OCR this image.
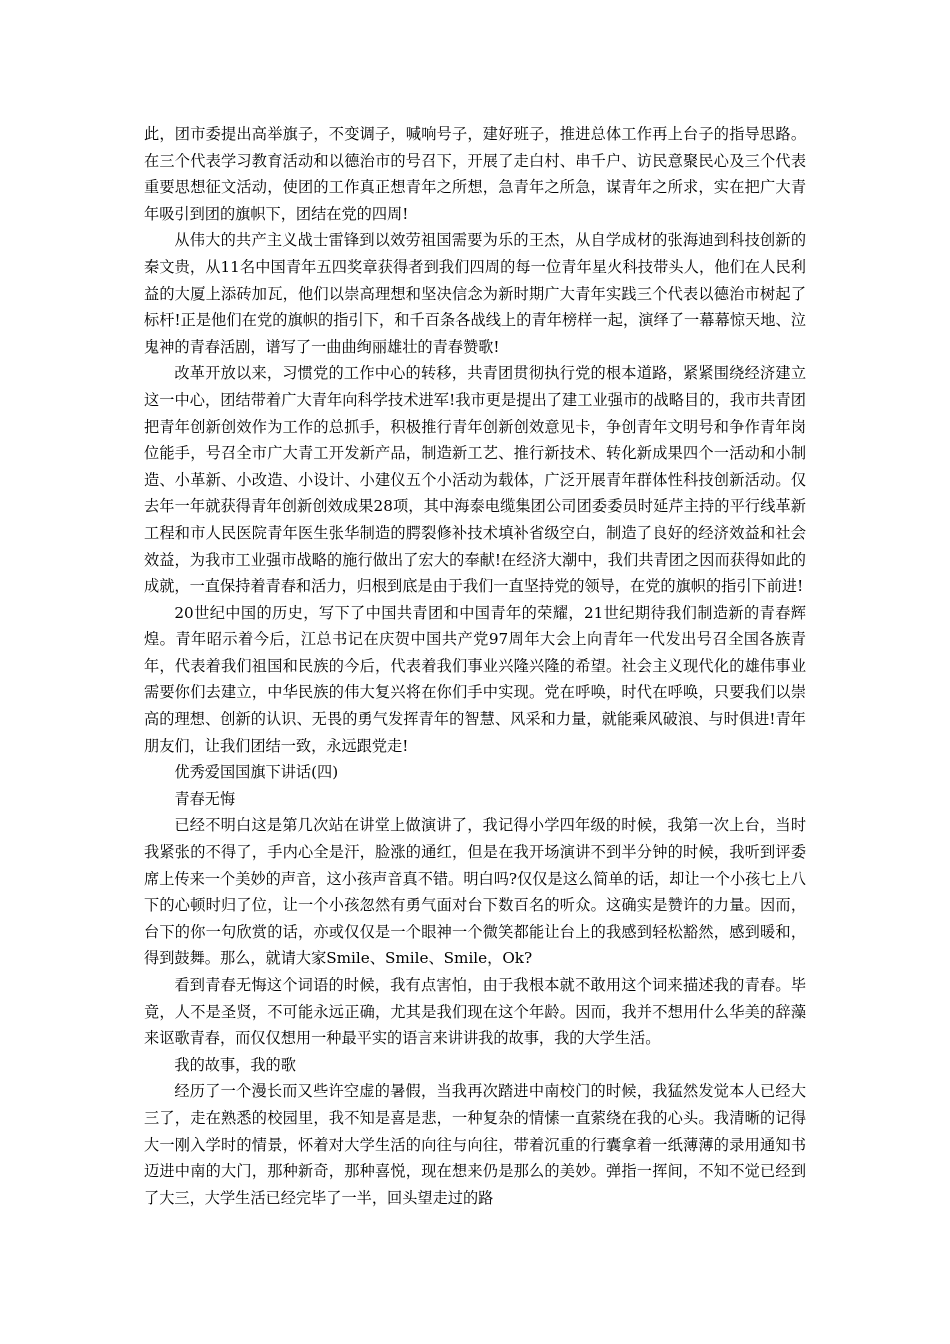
此，团市委提出高举旗子，不变调子，喊响号子，建好班子，推进总体工作再上台子的指导思路。在三个代表学习教育活动和以德治市的号召下，开展了走白村、串千户、访民意聚民心及三个代表重要思想征文活动，使团的工作真正想青年之所想，急青年之所急，谋青年之所求，实在把广大青年吸引到团的旗帜下，团结在党的四周!

从伟大的共产主义战士雷锋到以效劳祖国需要为乐的王杰，从自学成材的张海迪到科技创新的秦文贵，从11名中国青年五四奖章获得者到我们四周的每一位青年星火科技带头人，他们在人民利益的大厦上添砖加瓦，他们以崇高理想和坚决信念为新时期广大青年实践三个代表以德治市树起了标杆!正是他们在党的旗帜的指引下，和千百条各战线上的青年榜样一起，演绎了一幕幕惊天地、泣鬼神的青春活剧，谱写了一曲曲绚丽雄壮的青春赞歌!

改革开放以来，习惯党的工作中心的转移，共青团贯彻执行党的根本道路，紧紧围绕经济建立这一中心，团结带着广大青年向科学技术进军!我市更是提出了建工业强市的战略目的，我市共青团把青年创新创效作为工作的总抓手，积极推行青年创新创效意见卡，争创青年文明号和争作青年岗位能手，号召全市广大青工开发新产品，制造新工艺、推行新技术、转化新成果四个一活动和小制造、小革新、小改造、小设计、小建仪五个小活动为载体，广泛开展青年群体性科技创新活动。仅去年一年就获得青年创新创效成果28项，其中海泰电缆集团公司团委委员时延芹主持的平行线革新工程和市人民医院青年医生张华制造的腭裂修补技术填补省级空白，制造了良好的经济效益和社会效益，为我市工业强市战略的施行做出了宏大的奉献!在经济大潮中，我们共青团之因而获得如此的成就，一直保持着青春和活力，归根到底是由于我们一直坚持党的领导，在党的旗帜的指引下前进!

20世纪中国的历史，写下了中国共青团和中国青年的荣耀，21世纪期待我们制造新的青春辉煌。青年昭示着今后，江总书记在庆贺中国共产党97周年大会上向青年一代发出号召全国各族青年，代表着我们祖国和民族的今后，代表着我们事业兴隆兴隆的希望。社会主义现代化的雄伟事业需要你们去建立，中华民族的伟大复兴将在你们手中实现。党在呼唤，时代在呼唤，只要我们以崇高的理想、创新的认识、无畏的勇气发挥青年的智慧、风采和力量，就能乘风破浪、与时俱进!青年朋友们，让我们团结一致，永远跟党走!

优秀爱国国旗下讲话(四)

青春无悔

已经不明白这是第几次站在讲堂上做演讲了，我记得小学四年级的时候，我第一次上台，当时我紧张的不得了，手内心全是汗，脸涨的通红，但是在我开场演讲不到半分钟的时候，我听到评委席上传来一个美妙的声音，这小孩声音真不错。明白吗?仅仅是这么简单的话，却让一个小孩七上八下的心顿时归了位，让一个小孩忽然有勇气面对台下数百名的听众。这确实是赞许的力量。因而，台下的你一句欣赏的话，亦或仅仅是一个眼神一个微笑都能让台上的我感到轻松豁然，感到暖和，得到鼓舞。那么，就请大家Smile、Smile、Smile，Ok?

看到青春无悔这个词语的时候，我有点害怕，由于我根本就不敢用这个词来描述我的青春。毕竟，人不是圣贤，不可能永远正确，尤其是我们现在这个年龄。因而，我并不想用什么华美的辞藻来讴歌青春，而仅仅想用一种最平实的语言来讲讲我的故事，我的大学生活。

我的故事，我的歌

经历了一个漫长而又些许空虚的暑假，当我再次踏进中南校门的时候，我猛然发觉本人已经大三了，走在熟悉的校园里，我不知是喜是悲，一种复杂的情愫一直萦绕在我的心头。我清晰的记得大一刚入学时的情景，怀着对大学生活的向往与向往，带着沉重的行囊拿着一纸薄薄的录用通知书迈进中南的大门，那种新奇，那种喜悦，现在想来仍是那么的美妙。弹指一挥间，不知不觉已经到了大三，大学生活已经完毕了一半，回头望走过的路
